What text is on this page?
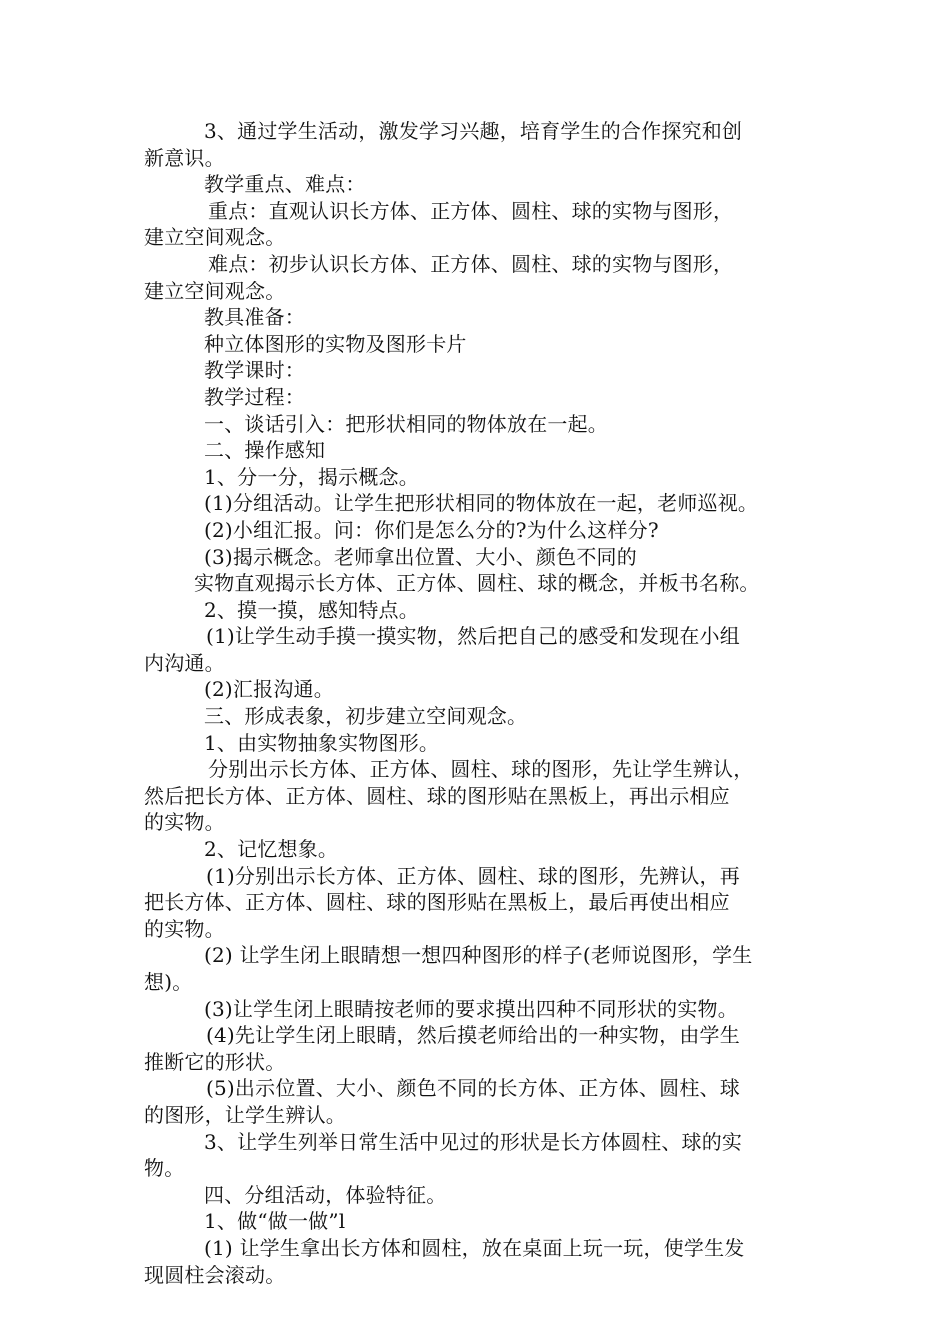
3、通过学生活动，激发学习兴趣，培育学生的合作探究和创
新意识。
教学重点、难点：
重点：直观认识长方体、正方体、圆柱、球的实物与图形，
建立空间观念。
难点：初步认识长方体、正方体、圆柱、球的实物与图形，
建立空间观念。
教具准备：
种立体图形的实物及图形卡片
教学课时：
教学过程：
一、谈话引入：把形状相同的物体放在一起。
二、操作感知
1、分一分，揭示概念。
(1)分组活动。让学生把形状相同的物体放在一起，老师巡视。
(2)小组汇报。问：你们是怎么分的?为什么这样分?
(3)揭示概念。老师拿出位置、大小、颜色不同的
实物直观揭示长方体、正方体、圆柱、球的概念，并板书名称。
2、摸一摸，感知特点。
(1)让学生动手摸一摸实物，然后把自己的感受和发现在小组
内沟通。
(2)汇报沟通。
三、形成表象，初步建立空间观念。
1、由实物抽象实物图形。
分别出示长方体、正方体、圆柱、球的图形，先让学生辨认，
然后把长方体、正方体、圆柱、球的图形贴在黑板上，再出示相应
的实物。
2、记忆想象。
(1)分别出示长方体、正方体、圆柱、球的图形，先辨认，再
把长方体、正方体、圆柱、球的图形贴在黑板上，最后再使出相应
的实物。
(2) 让学生闭上眼睛想一想四种图形的样子(老师说图形，学生
想)。
(3)让学生闭上眼睛按老师的要求摸出四种不同形状的实物。
(4)先让学生闭上眼睛，然后摸老师给出的一种实物，由学生
推断它的形状。
(5)出示位置、大小、颜色不同的长方体、正方体、圆柱、球
的图形，让学生辨认。
3、让学生列举日常生活中见过的形状是长方体圆柱、球的实
物。
四、分组活动，体验特征。
1、做“做一做”l
(1) 让学生拿出长方体和圆柱，放在桌面上玩一玩，使学生发
现圆柱会滚动。
